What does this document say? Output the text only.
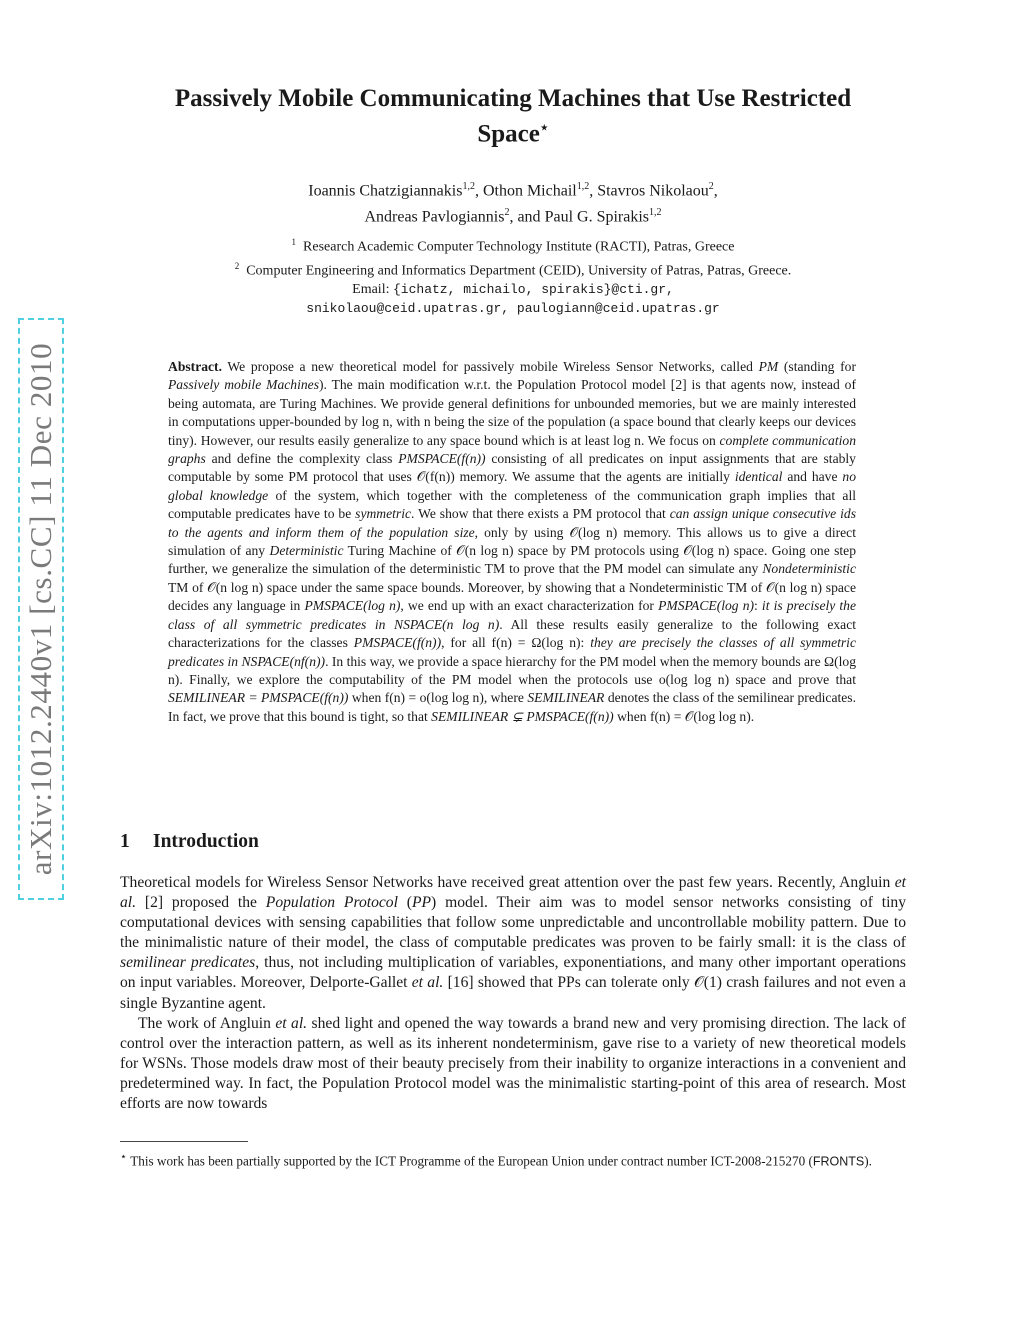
arXiv:1012.2440v1 [cs.CC] 11 Dec 2010
Passively Mobile Communicating Machines that Use Restricted
Space⋆
Ioannis Chatzigiannakis$^{1,2}$, Othon Michail$^{1,2}$, Stavros Nikolaou$^2$,
Andreas Pavlogiannis$^2$, and Paul G. Spirakis$^{1,2}$
$^1$ Research Academic Computer Technology Institute (RACTI), Patras, Greece
$^2$ Computer Engineering and Informatics Department (CEID), University of Patras, Patras, Greece.
Email: {ichatz, michailo, spirakis}@cti.gr,
snikolaou@ceid.upatras.gr, paulogiann@ceid.upatras.gr
Abstract. We propose a new theoretical model for passively mobile Wireless Sensor Networks, called PM (standing for Passively mobile Machines). The main modification w.r.t. the Population Protocol model [2] is that agents now, instead of being automata, are Turing Machines. We provide general definitions for unbounded memories, but we are mainly interested in computations upper-bounded by log n, with n being the size of the population (a space bound that clearly keeps our devices tiny). However, our results easily generalize to any space bound which is at least log n. We focus on complete communication graphs and define the complexity class PMSPACE(f(n)) consisting of all predicates on input assignments that are stably computable by some PM protocol that uses 𝒪(f(n)) memory. We assume that the agents are initially identical and have no global knowledge of the system, which together with the completeness of the communication graph implies that all computable predicates have to be symmetric. We show that there exists a PM protocol that can assign unique consecutive ids to the agents and inform them of the population size, only by using 𝒪(log n) memory. This allows us to give a direct simulation of any Deterministic Turing Machine of 𝒪(n log n) space by PM protocols using 𝒪(log n) space. Going one step further, we generalize the simulation of the deterministic TM to prove that the PM model can simulate any Nondeterministic TM of 𝒪(n log n) space under the same space bounds. Moreover, by showing that a Nondeterministic TM of 𝒪(n log n) space decides any language in PMSPACE(log n), we end up with an exact characterization for PMSPACE(log n): it is precisely the class of all symmetric predicates in NSPACE(n log n). All these results easily generalize to the following exact characterizations for the classes PMSPACE(f(n)), for all f(n) = Ω(log n): they are precisely the classes of all symmetric predicates in NSPACE(nf(n)). In this way, we provide a space hierarchy for the PM model when the memory bounds are Ω(log n). Finally, we explore the computability of the PM model when the protocols use o(log log n) space and prove that SEMILINEAR = PMSPACE(f(n)) when f(n) = o(log log n), where SEMILINEAR denotes the class of the semilinear predicates. In fact, we prove that this bound is tight, so that SEMILINEAR ⊊ PMSPACE(f(n)) when f(n) = 𝒪(log log n).
1 Introduction

Theoretical models for Wireless Sensor Networks have received great attention over the past few years. Recently, Angluin et al. [2] proposed the Population Protocol (PP) model. Their aim was to model sensor networks consisting of tiny computational devices with sensing capabilities that follow some unpredictable and uncontrollable mobility pattern. Due to the minimalistic nature of their model, the class of computable predicates was proven to be fairly small: it is the class of semilinear predicates, thus, not including multiplication of variables, exponentiations, and many other important operations on input variables. Moreover, Delporte-Gallet et al. [16] showed that PPs can tolerate only 𝒪(1) crash failures and not even a single Byzantine agent.

The work of Angluin et al. shed light and opened the way towards a brand new and very promising direction. The lack of control over the interaction pattern, as well as its inherent nondeterminism, gave rise to a variety of new theoretical models for WSNs. Those models draw most of their beauty precisely from their inability to organize interactions in a convenient and predetermined way. In fact, the Population Protocol model was the minimalistic starting-point of this area of research. Most efforts are now towards

⋆ This work has been partially supported by the ICT Programme of the European Union under contract number ICT-2008-215270 (FRONTS).
